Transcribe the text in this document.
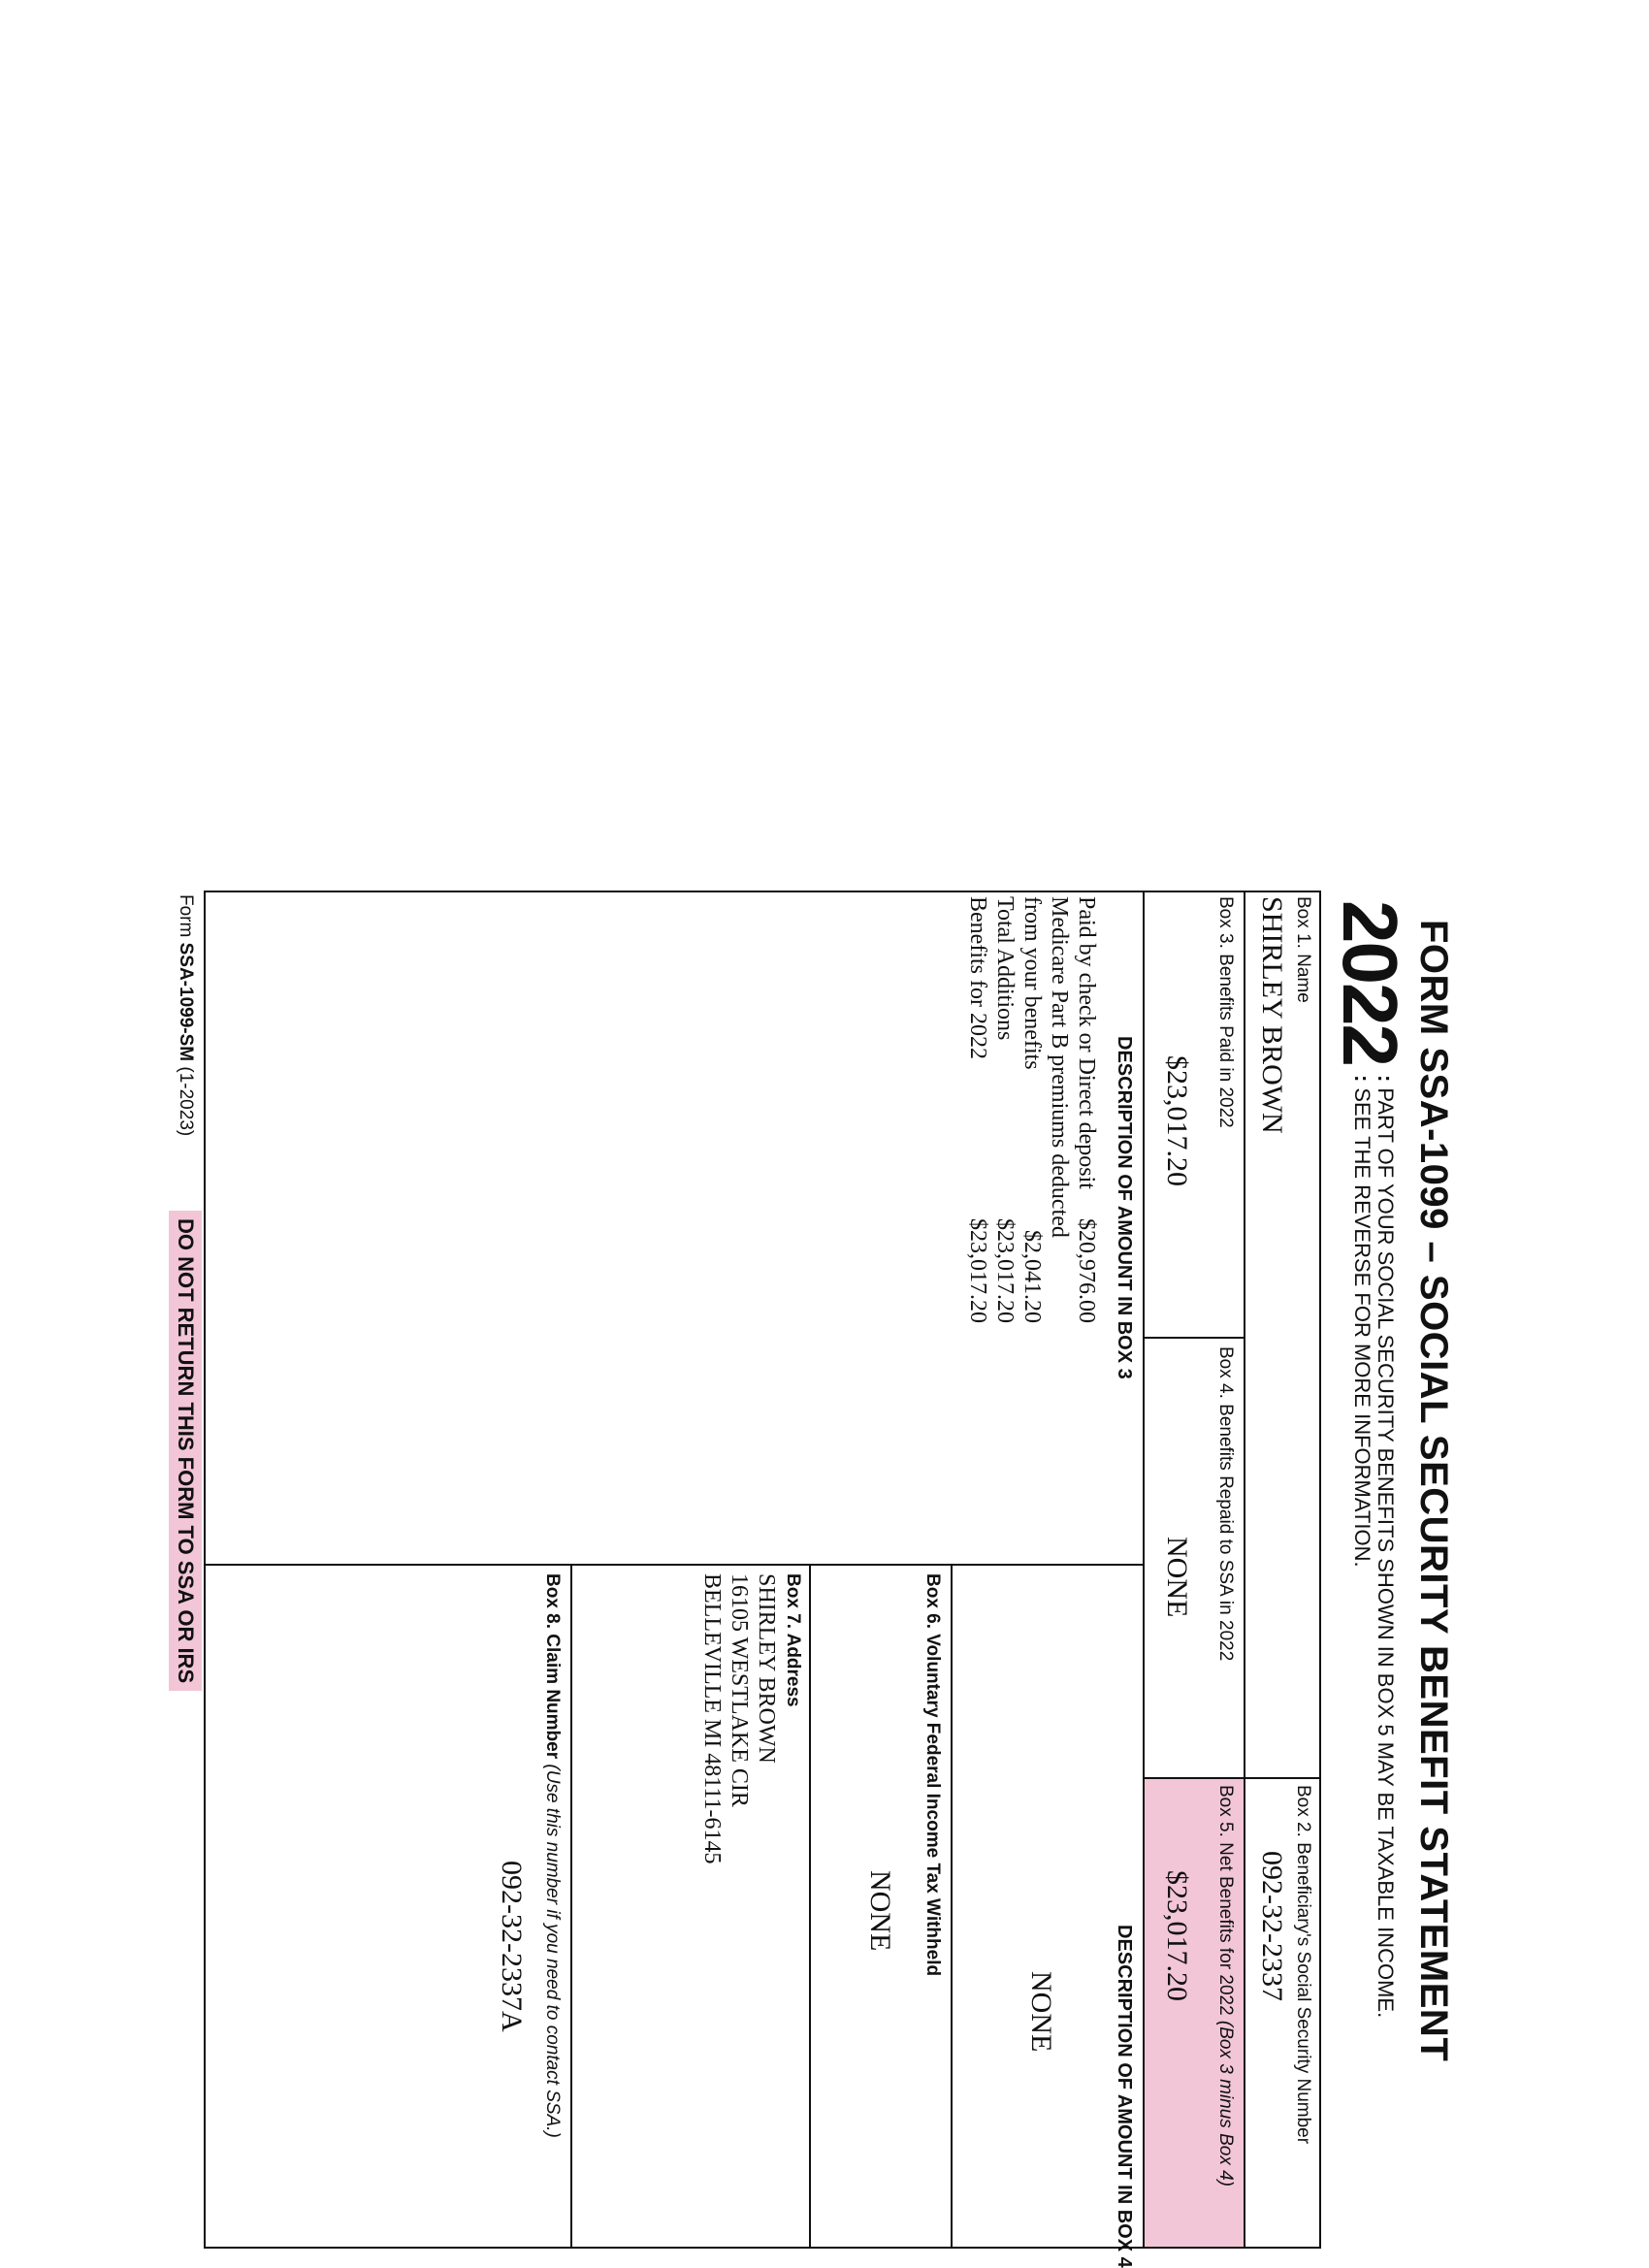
FORM SSA-1099 – SOCIAL SECURITY BENEFIT STATEMENT
2022
:PART OF YOUR SOCIAL SECURITY BENEFITS SHOWN IN BOX 5 MAY BE TAXABLE INCOME.
:SEE THE REVERSE FOR MORE INFORMATION.
Box 1. Name
SHIRLEY BROWN
Box 2. Beneficiary's Social Security Number
092-32-2337
Box 3. Benefits Paid in 2022
$23,017.20
Box 4. Benefits Repaid to SSA in 2022
NONE
Box 5. Net Benefits for 2022 (Box 3 minus Box 4)
$23,017.20
DESCRIPTION OF AMOUNT IN BOX 3
DESCRIPTION OF AMOUNT IN BOX 4
Paid by check or Direct deposit
$20,976.00
Medicare Part B premiums deducted
from your benefits
$2,041.20
Total Additions
$23,017.20
Benefits for 2022
$23,017.20
NONE
Box 6. Voluntary Federal Income Tax Withheld
NONE
Box 7. Address
SHIRLEY BROWN
16105 WESTLAKE CIR
BELLEVILLE MI 48111-6145
Box 8. Claim Number (Use this number if you need to contact SSA.)
092-32-2337A
Form SSA-1099-SM (1-2023)
DO NOT RETURN THIS FORM TO SSA OR IRS
